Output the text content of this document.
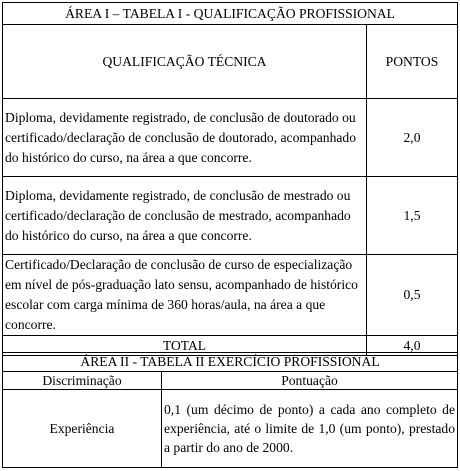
ÁREA I – TABELA I - QUALIFICAÇÃO PROFISSIONAL	
QUALIFICAÇÃO TÉCNICA	PONTOS
Diploma, devidamente registrado, de conclusão de doutorado ou certificado/declaração de conclusão de doutorado, acompanhado do histórico do curso, na área a que concorre.	2,0
Diploma, devidamente registrado, de conclusão de mestrado ou certificado/declaração de conclusão de mestrado, acompanhado do histórico do curso, na área a que concorre.	1,5
Certificado/Declaração de conclusão de curso de especialização em nível de pós-graduação lato sensu, acompanhado de histórico escolar com carga mínima de 360 horas/aula, na área a que concorre.	0,5
TOTAL	4,0
ÁREA II - TABELA II EXERCÍCIO PROFISSIONAL	
Discriminação	Pontuação
Experiência	0,1 (um décimo de ponto) a cada ano completo de experiência, até o limite de 1,0 (um ponto), prestado a partir do ano de 2000.
